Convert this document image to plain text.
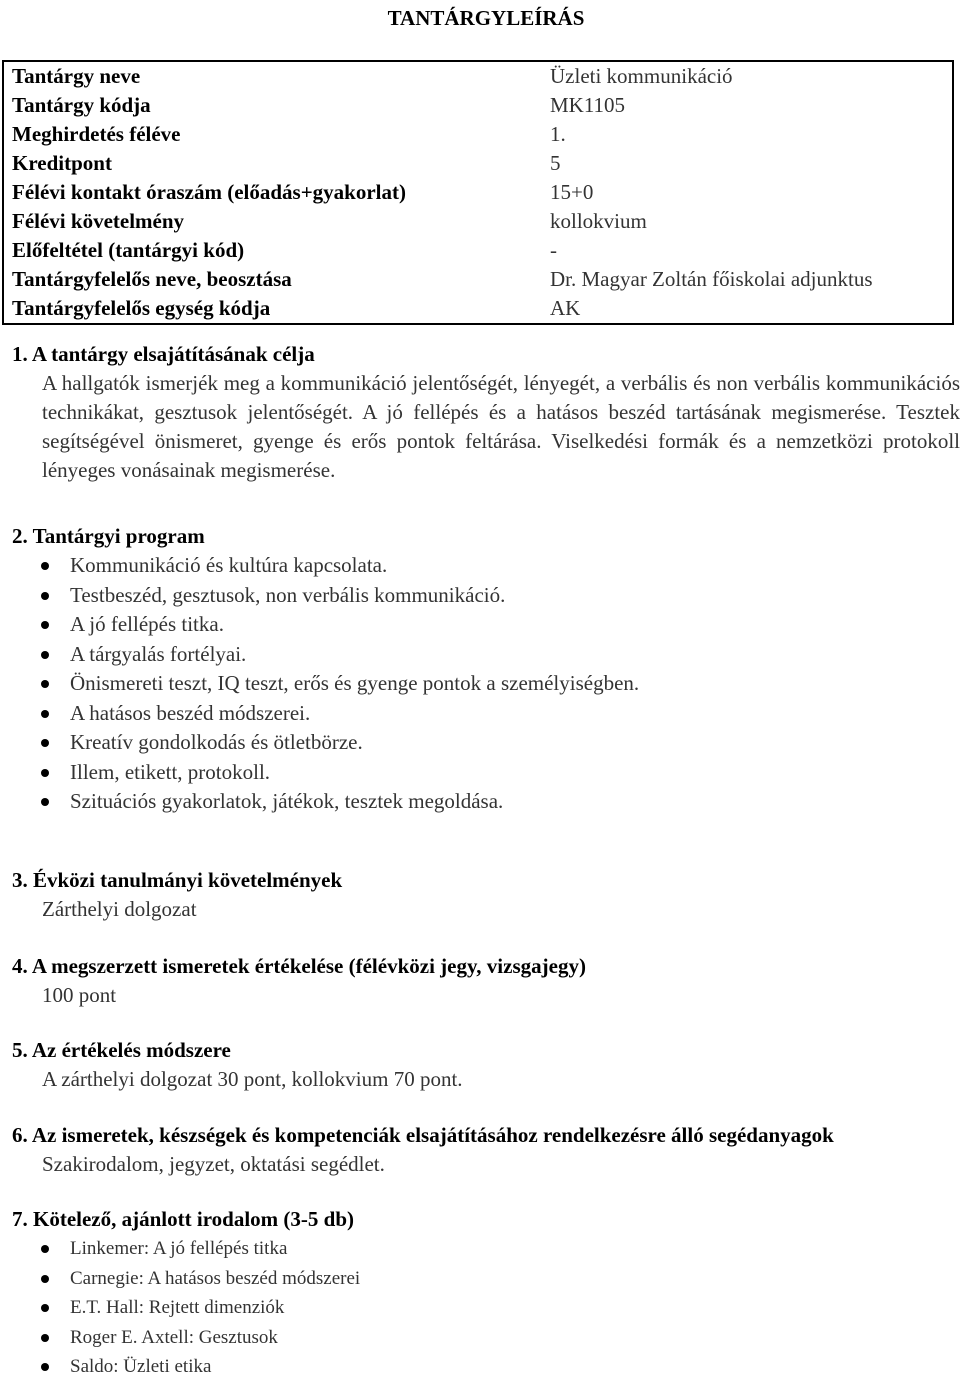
TANTÁRGYLEÍRÁS
Tantárgy neve	Üzleti kommunikáció
Tantárgy kódja	MK1105
Meghirdetés féléve	1.
Kreditpont	5
Félévi kontakt óraszám (előadás+gyakorlat)	15+0
Félévi követelmény	kollokvium
Előfeltétel (tantárgyi kód)	-
Tantárgyfelelős neve, beosztása	Dr. Magyar Zoltán főiskolai adjunktus
Tantárgyfelelős egység kódja	AK
1. A tantárgy elsajátításának célja

A hallgatók ismerjék meg a kommunikáció jelentőségét, lényegét, a verbális és non verbális kommunikációs technikákat, gesztusok jelentőségét. A jó fellépés és a hatásos beszéd tartásának megismerése. Tesztek segítségével önismeret, gyenge és erős pontok feltárása. Viselkedési formák és a nemzetközi protokoll lényeges vonásainak megismerése.

2. Tantárgyi program
Kommunikáció és kultúra kapcsolata.
Testbeszéd, gesztusok, non verbális kommunikáció.
A jó fellépés titka.
A tárgyalás fortélyai.
Önismereti teszt, IQ teszt, erős és gyenge pontok a személyiségben.
A hatásos beszéd módszerei.
Kreatív gondolkodás és ötletbörze.
Illem, etikett, protokoll.
Szituációs gyakorlatok, játékok, tesztek megoldása.
3. Évközi tanulmányi követelmények

Zárthelyi dolgozat

4. A megszerzett ismeretek értékelése (félévközi jegy, vizsgajegy)

100 pont

5. Az értékelés módszere

A zárthelyi dolgozat 30 pont, kollokvium 70 pont.

6. Az ismeretek, készségek és kompetenciák elsajátításához rendelkezésre álló segédanyagok

Szakirodalom, jegyzet, oktatási segédlet.

7. Kötelező, ajánlott irodalom (3-5 db)
Linkemer: A jó fellépés titka
Carnegie: A hatásos beszéd módszerei
E.T. Hall: Rejtett dimenziók
Roger E. Axtell: Gesztusok
Saldo: Üzleti etika
